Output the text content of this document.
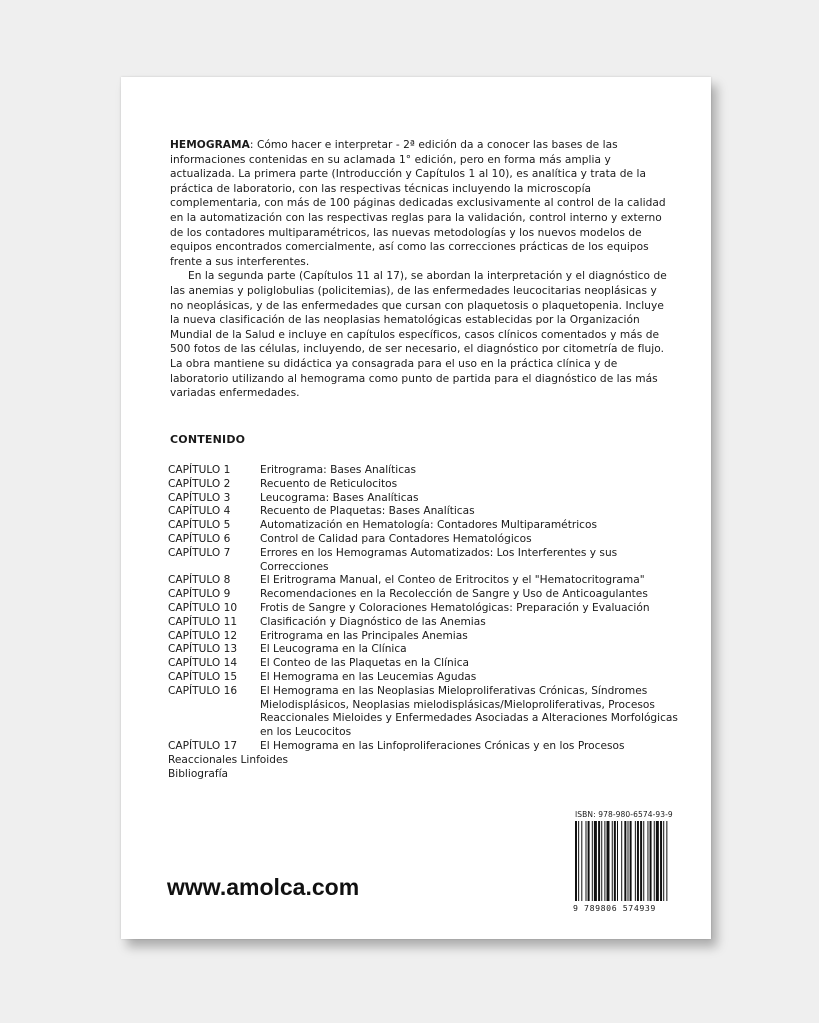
HEMOGRAMA: Cómo hacer e interpretar - 2ª edición da a conocer las bases de las informaciones contenidas en su aclamada 1° edición, pero en forma más amplia y actualizada. La primera parte (Introducción y Capítulos 1 al 10), es analítica y trata de la práctica de laboratorio, con las respectivas técnicas incluyendo la microscopía complementaria, con más de 100 páginas dedicadas exclusivamente al control de la calidad en la automatización con las respectivas reglas para la validación, control interno y externo de los contadores multiparamétricos, las nuevas metodologías y los nuevos modelos de equipos encontrados comercialmente, así como las correcciones prácticas de los equipos frente a sus interferentes.

En la segunda parte (Capítulos 11 al 17), se abordan la interpretación y el diagnóstico de las anemias y poliglobulias (policitemias), de las enfermedades leucocitarias neoplásicas y no neoplásicas, y de las enfermedades que cursan con plaquetosis o plaquetopenia. Incluye la nueva clasificación de las neoplasias hematológicas establecidas por la Organización Mundial de la Salud e incluye en capítulos específicos, casos clínicos comentados y más de 500 fotos de las células, incluyendo, de ser necesario, el diagnóstico por citometría de flujo. La obra mantiene su didáctica ya consagrada para el uso en la práctica clínica y de laboratorio utilizando al hemograma como punto de partida para el diagnóstico de las más variadas enfermedades.

CONTENIDO
CAPÍTULO 1	Eritrograma: Bases Analíticas
CAPÍTULO 2	Recuento de Reticulocitos
CAPÍTULO 3	Leucograma: Bases Analíticas
CAPÍTULO 4	Recuento de Plaquetas: Bases Analíticas
CAPÍTULO 5	Automatización en Hematología: Contadores Multiparamétricos
CAPÍTULO 6	Control de Calidad para Contadores Hematológicos
CAPÍTULO 7	Errores en los Hemogramas Automatizados: Los Interferentes y sus Correcciones
CAPÍTULO 8	El Eritrograma Manual, el Conteo de Eritrocitos y el "Hematocritograma"
CAPÍTULO 9	Recomendaciones en la Recolección de Sangre y Uso de Anticoagulantes
CAPÍTULO 10	Frotis de Sangre y Coloraciones Hematológicas: Preparación y Evaluación
CAPÍTULO 11	Clasificación y Diagnóstico de las Anemias
CAPÍTULO 12	Eritrograma en las Principales Anemias
CAPÍTULO 13	El Leucograma en la Clínica
CAPÍTULO 14	El Conteo de las Plaquetas en la Clínica
CAPÍTULO 15	El Hemograma en las Leucemias Agudas
CAPÍTULO 16	El Hemograma en las Neoplasias Mieloproliferativas Crónicas, Síndromes Mielodisplásicos, Neoplasias mielodisplásicas/Mieloproliferativas, Procesos Reaccionales Mieloides y Enfermedades Asociadas a Alteraciones Morfológicas en los Leucocitos
CAPÍTULO 17	El Hemograma en las Linfoproliferaciones Crónicas y en los Procesos
Reaccionales Linfoides
Bibliografía
ISBN: 978-980-6574-93-9
9 789806 574939
www.amolca.com
